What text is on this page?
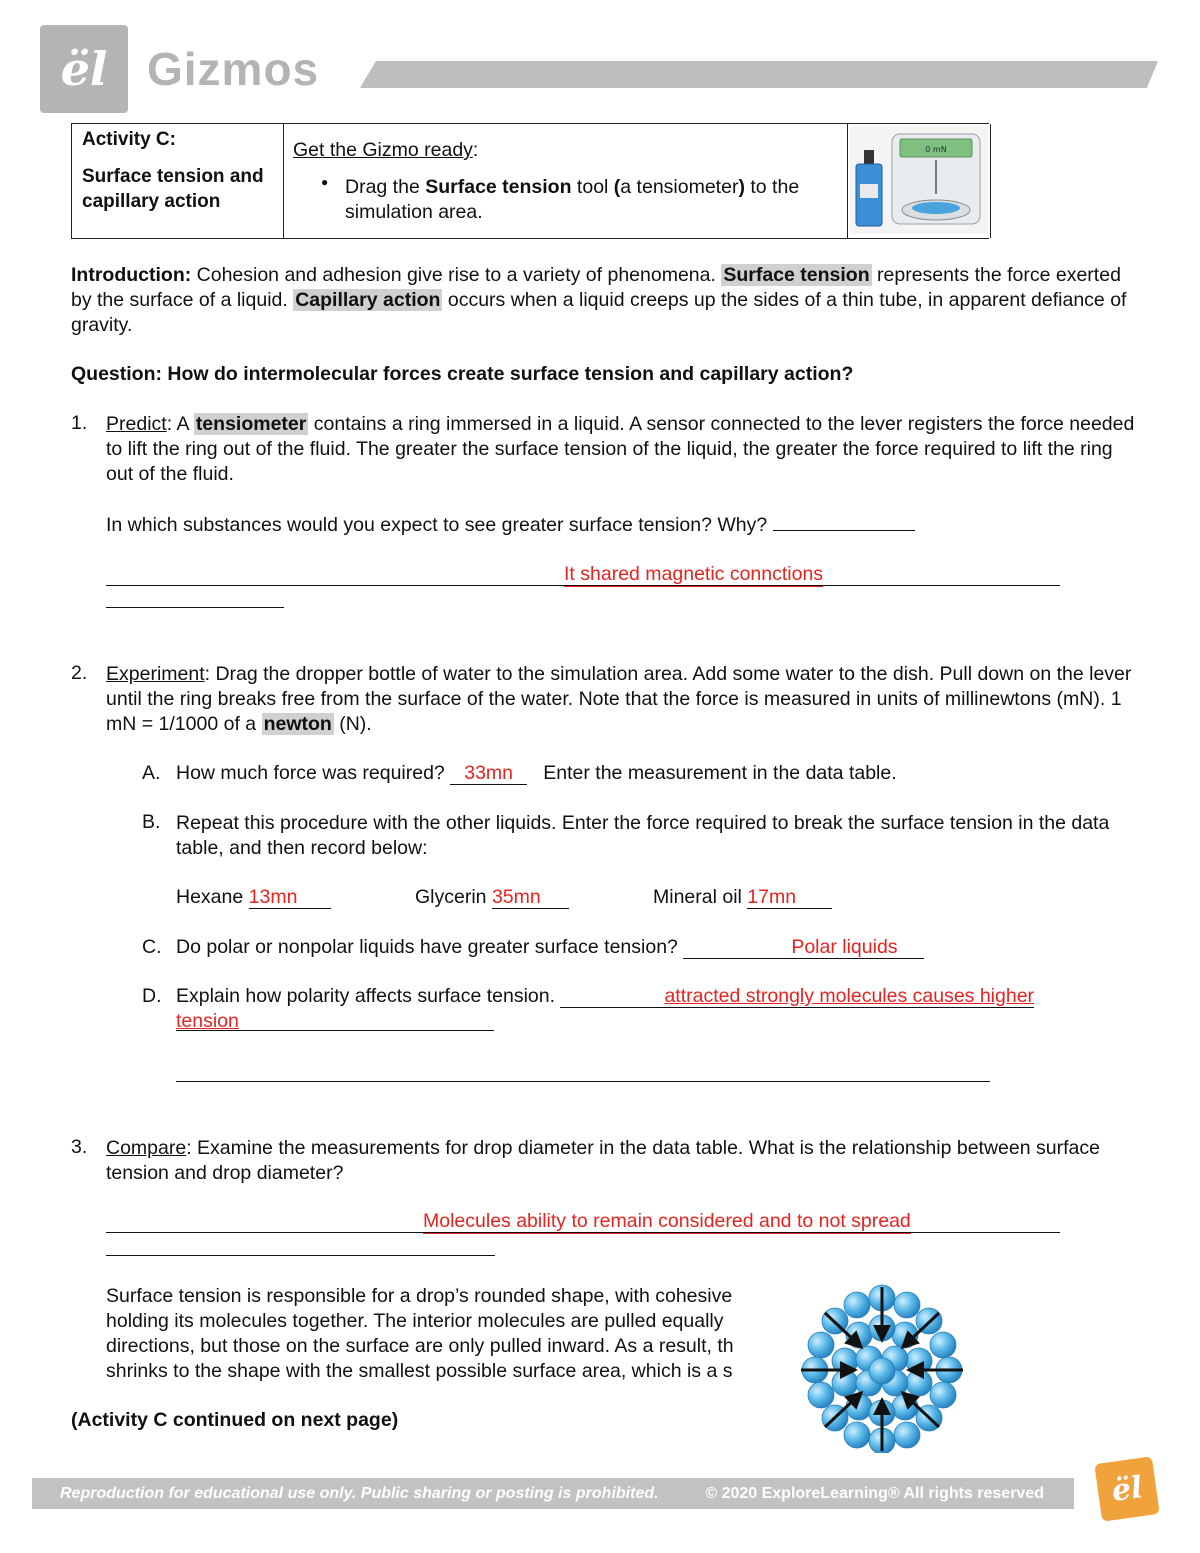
ël Gizmos
Activity C:
Surface tension and capillary action
Get the Gizmo ready:
● Drag the Surface tension tool (a tensiometer) to the simulation area.
0 mN

Introduction: Cohesion and adhesion give rise to a variety of phenomena. Surface tension represents the force exerted by the surface of a liquid. Capillary action occurs when a liquid creeps up the sides of a thin tube, in apparent defiance of gravity.

Question: How do intermolecular forces create surface tension and capillary action?

1. Predict: A tensiometer contains a ring immersed in a liquid. A sensor connected to the lever registers the force needed to lift the ring out of the fluid. The greater the surface tension of the liquid, the greater the force required to lift the ring out of the fluid.

In which substances would you expect to see greater surface tension? Why?
It shared magnetic connctions
2. Experiment: Drag the dropper bottle of water to the simulation area. Add some water to the dish. Pull down on the lever until the ring breaks free from the surface of the water. Note that the force is measured in units of millinewtons (mN). 1 mN = 1/1000 of a newton (N).

A. How much force was required? 33mn Enter the measurement in the data table.
B. Repeat this procedure with the other liquids. Enter the force required to break the surface tension in the data table, and then record below:

Hexane 13mn	Glycerin 35mn	Mineral oil 17mn
C. Do polar or nonpolar liquids have greater surface tension?	Polar liquids
D. Explain how polarity affects surface tension.	attracted strongly molecules causes higher
tension
3. Compare: Examine the measurements for drop diameter in the data table. What is the relationship between surface tension and drop diameter?

Molecules ability to remain considered and to not spread
Surface tension is responsible for a drop’s rounded shape, with cohesive
holding its molecules together. The interior molecules are pulled equally
directions, but those on the surface are only pulled inward. As a result, th
shrinks to the shape with the smallest possible surface area, which is a s

(Activity C continued on next page)

Reproduction for educational use only. Public sharing or posting is prohibited.	© 2020 ExploreLearning® All rights reserved	ël
